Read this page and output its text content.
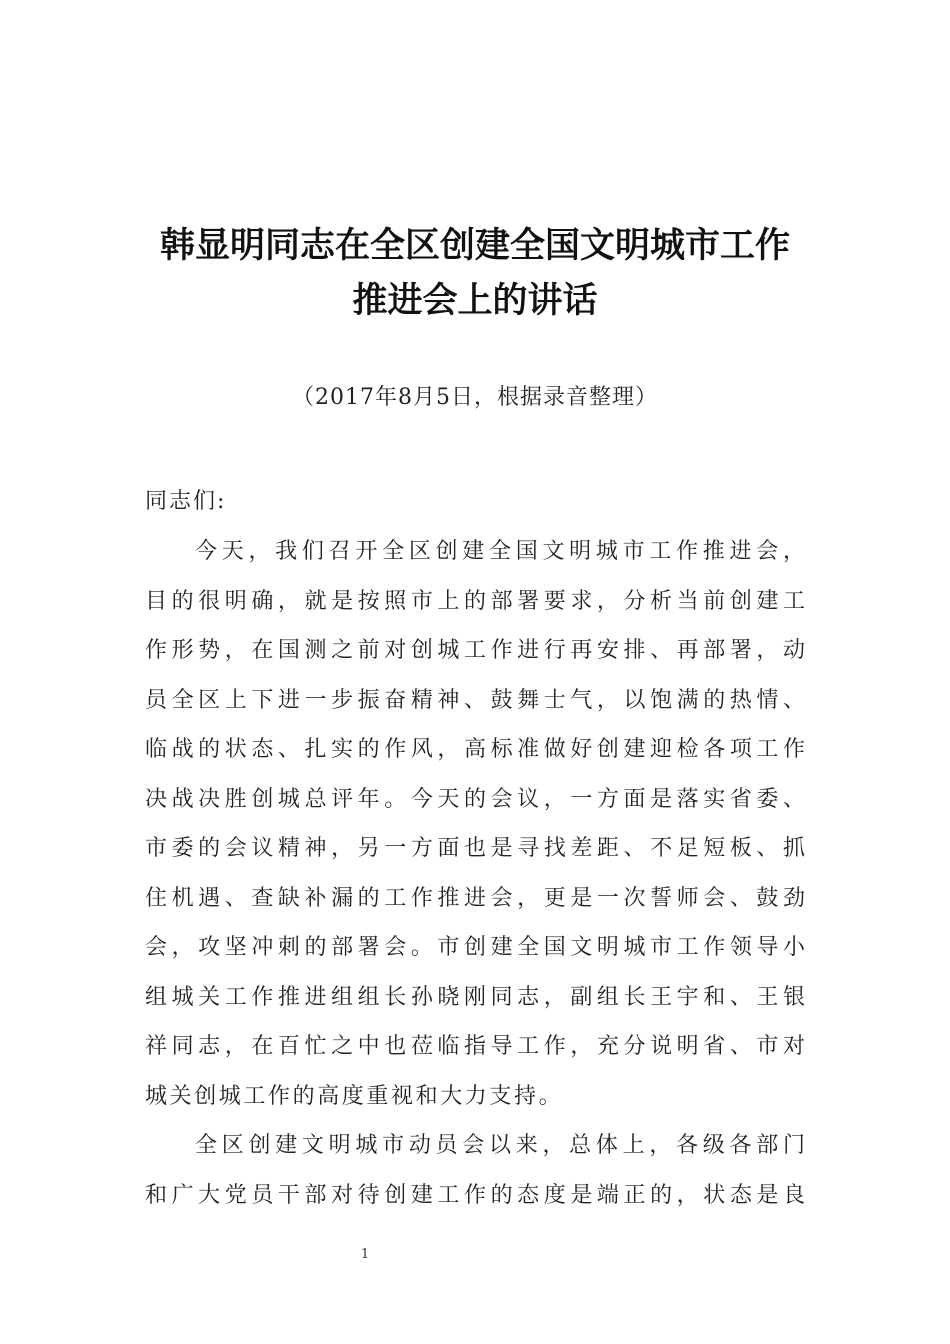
韩显明同志在全区创建全国文明城市工作
推进会上的讲话
（2017年8月5日，根据录音整理）
同志们:
今天，我们召开全区创建全国文明城市工作推进会，
目的很明确，就是按照市上的部署要求，分析当前创建工
作形势，在国测之前对创城工作进行再安排、再部署，动
员全区上下进一步振奋精神、鼓舞士气，以饱满的热情、
临战的状态、扎实的作风，高标准做好创建迎检各项工作
决战决胜创城总评年。今天的会议，一方面是落实省委、
市委的会议精神，另一方面也是寻找差距、不足短板、抓
住机遇、查缺补漏的工作推进会，更是一次誓师会、鼓劲
会，攻坚冲刺的部署会。市创建全国文明城市工作领导小
组城关工作推进组组长孙晓刚同志，副组长王宇和、王银
祥同志，在百忙之中也莅临指导工作，充分说明省、市对
城关创城工作的高度重视和大力支持。
全区创建文明城市动员会以来，总体上，各级各部门
和广大党员干部对待创建工作的态度是端正的，状态是良
1
